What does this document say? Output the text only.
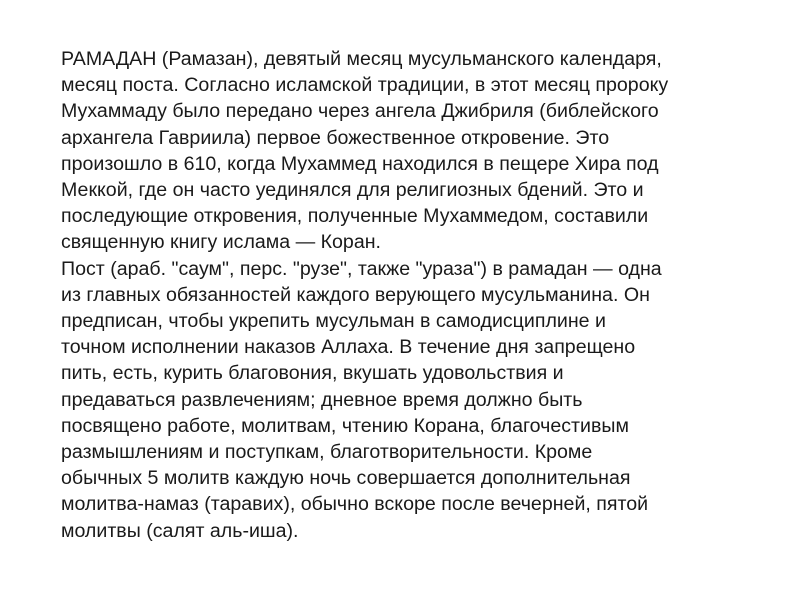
РАМАДАН (Рамазан), девятый месяц мусульманского календаря,
месяц поста. Согласно исламской традиции, в этот месяц пророку
Мухаммаду было передано через ангела Джибриля (библейского
архангела Гавриила) первое божественное откровение. Это
произошло в 610, когда Мухаммед находился в пещере Хира под
Меккой, где он часто уединялся для религиозных бдений. Это и
последующие откровения, полученные Мухаммедом, составили
священную книгу ислама — Коран.
Пост (араб. "саум", перс. "рузе", также "ураза") в рамадан — одна
из главных обязанностей каждого верующего мусульманина. Он
предписан, чтобы укрепить мусульман в самодисциплине и
точном исполнении наказов Аллаха. В течение дня запрещено
пить, есть, курить благовония, вкушать удовольствия и
предаваться развлечениям; дневное время должно быть
посвящено работе, молитвам, чтению Корана, благочестивым
размышлениям и поступкам, благотворительности. Кроме
обычных 5 молитв каждую ночь совершается дополнительная
молитва-намаз (таравих), обычно вскоре после вечерней, пятой
молитвы (салят аль-иша).
